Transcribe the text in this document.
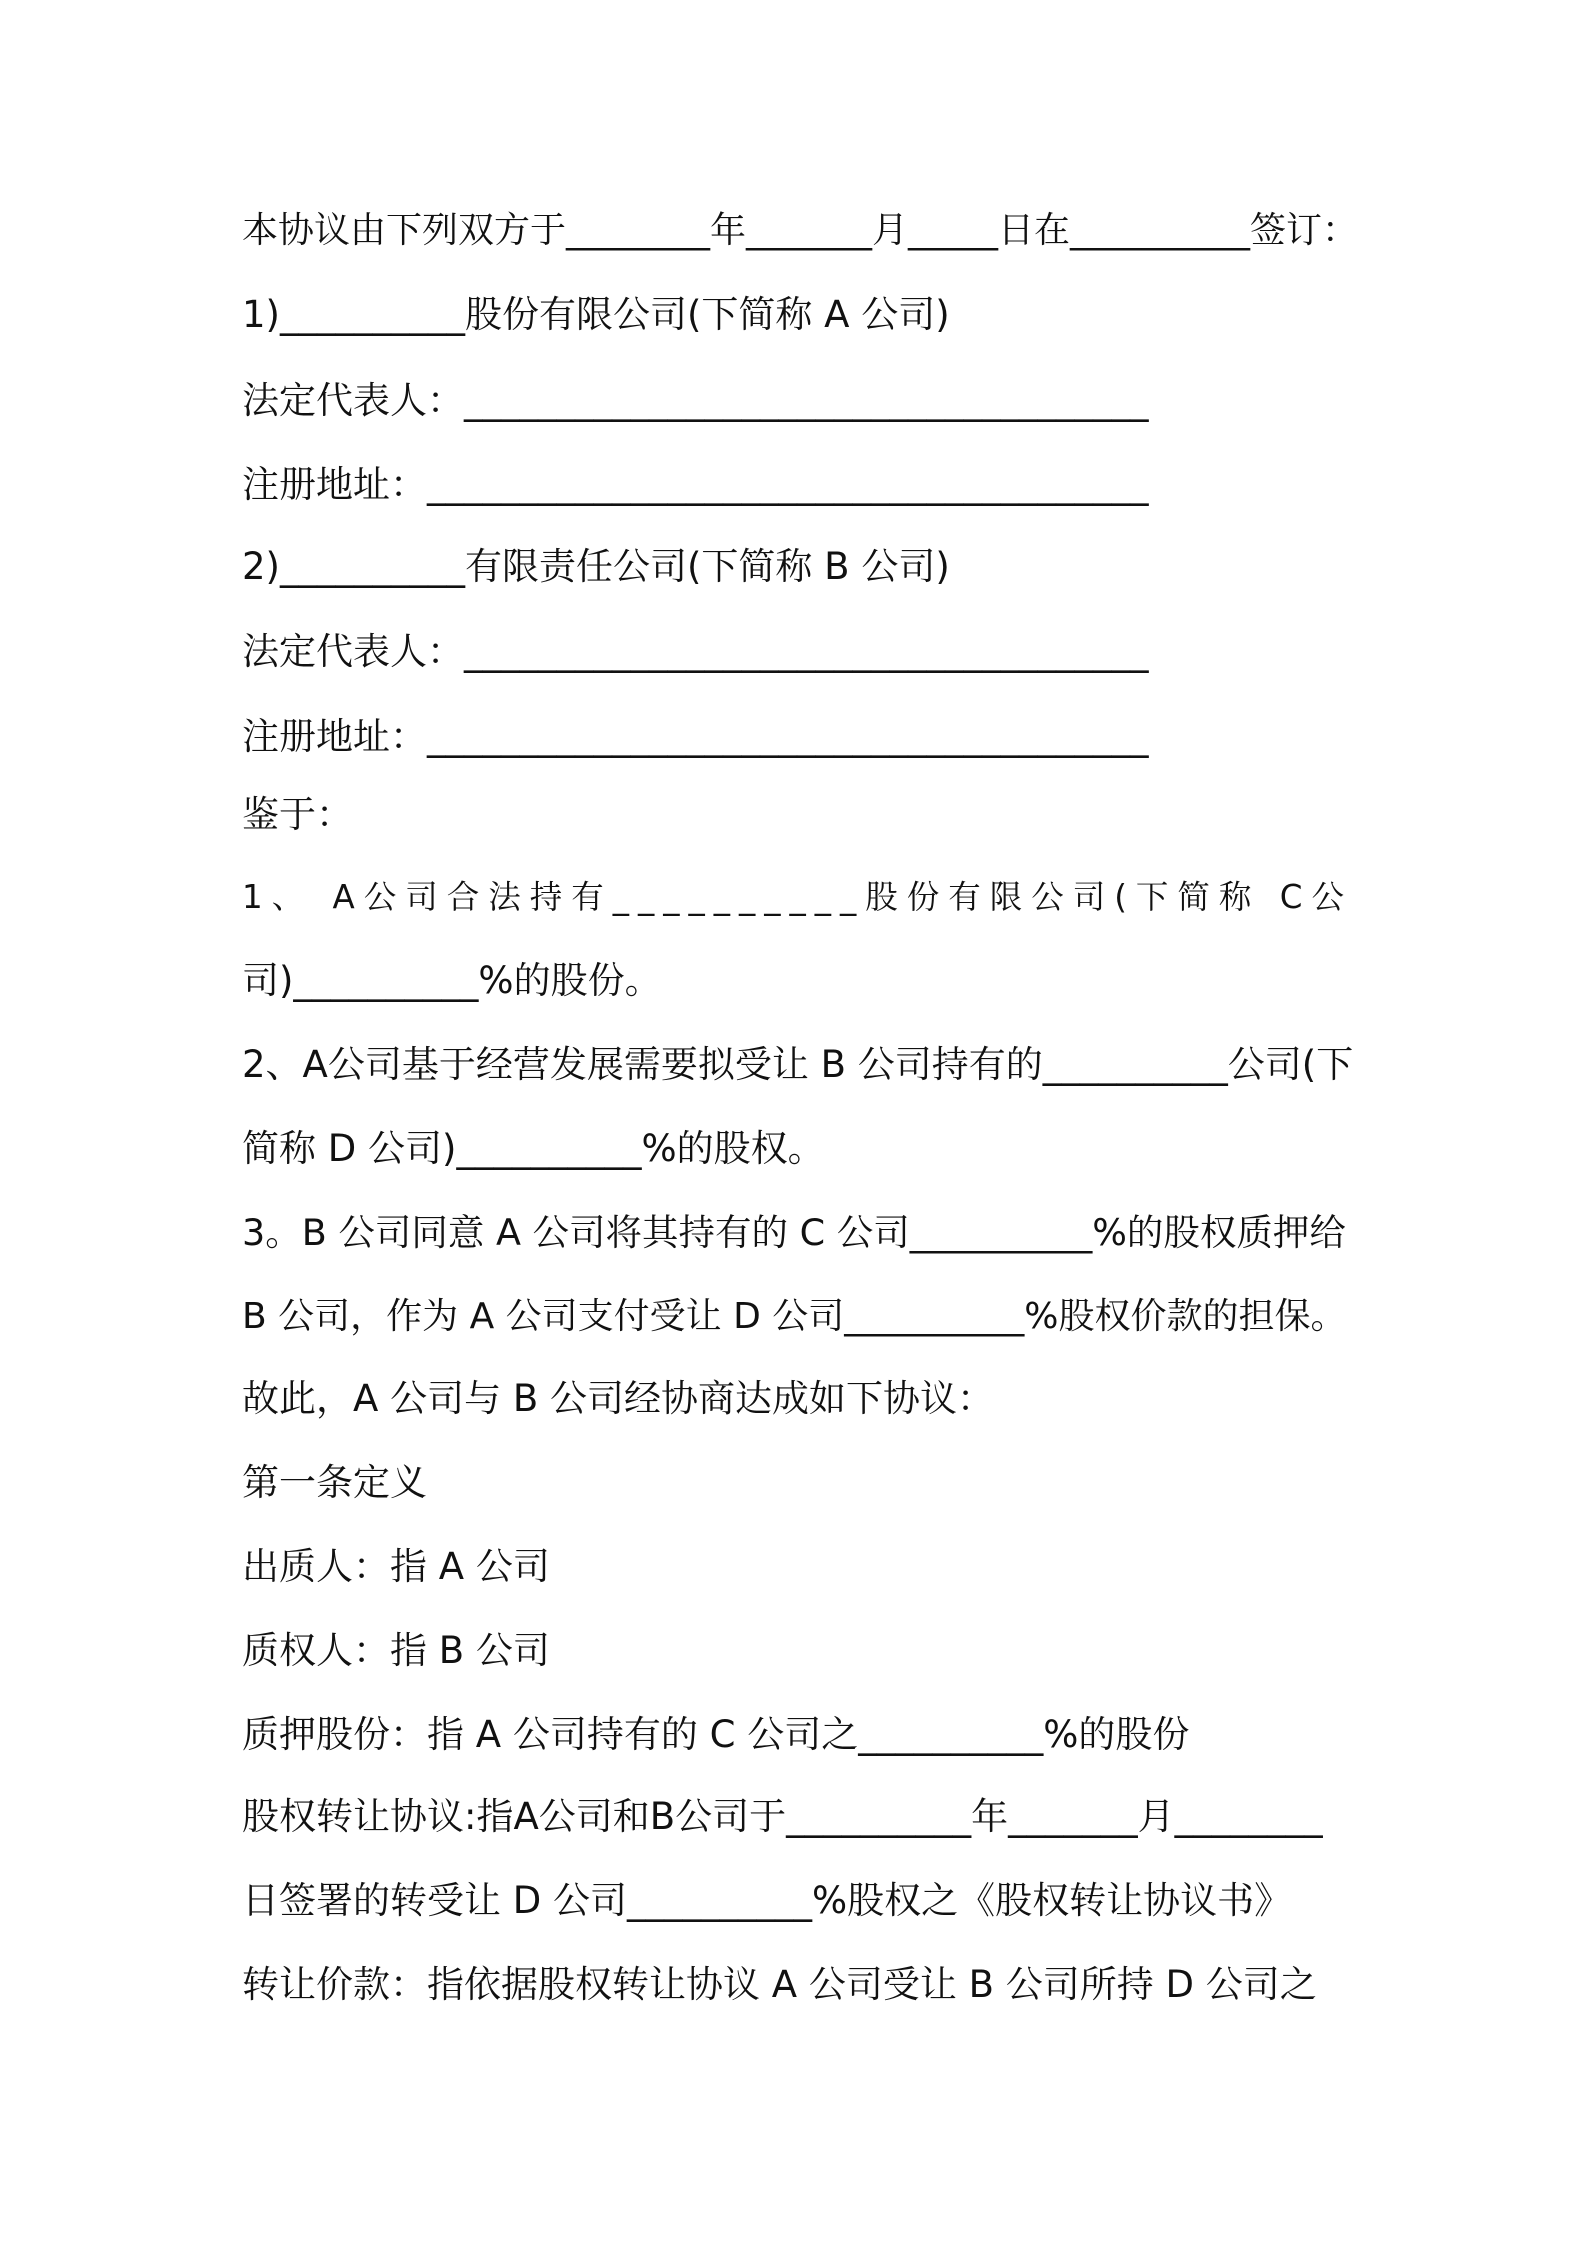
本协议由下列双方于________年_______月_____日在__________签订：
1)__________股份有限公司(下简称 A 公司)
法定代表人：_____________________________________
注册地址：_______________________________________
2)__________有限责任公司(下简称 B 公司)
法定代表人：_____________________________________
注册地址：_______________________________________
鉴于：
1、 A公司合法持有__________股份有限公司(下简称 C公
司)__________%的股份。
2、A公司基于经营发展需要拟受让 B 公司持有的__________公司(下
简称 D 公司)__________%的股权。
3。B 公司同意 A 公司将其持有的 C 公司__________%的股权质押给
B 公司，作为 A 公司支付受让 D 公司__________%股权价款的担保。
故此，A 公司与 B 公司经协商达成如下协议：
第一条定义
出质人：指 A 公司
质权人：指 B 公司
质押股份：指 A 公司持有的 C 公司之__________%的股份
股权转让协议:指A公司和B公司于__________年_______月________
日签署的转受让 D 公司__________%股权之《股权转让协议书》
转让价款：指依据股权转让协议 A 公司受让 B 公司所持 D 公司之
